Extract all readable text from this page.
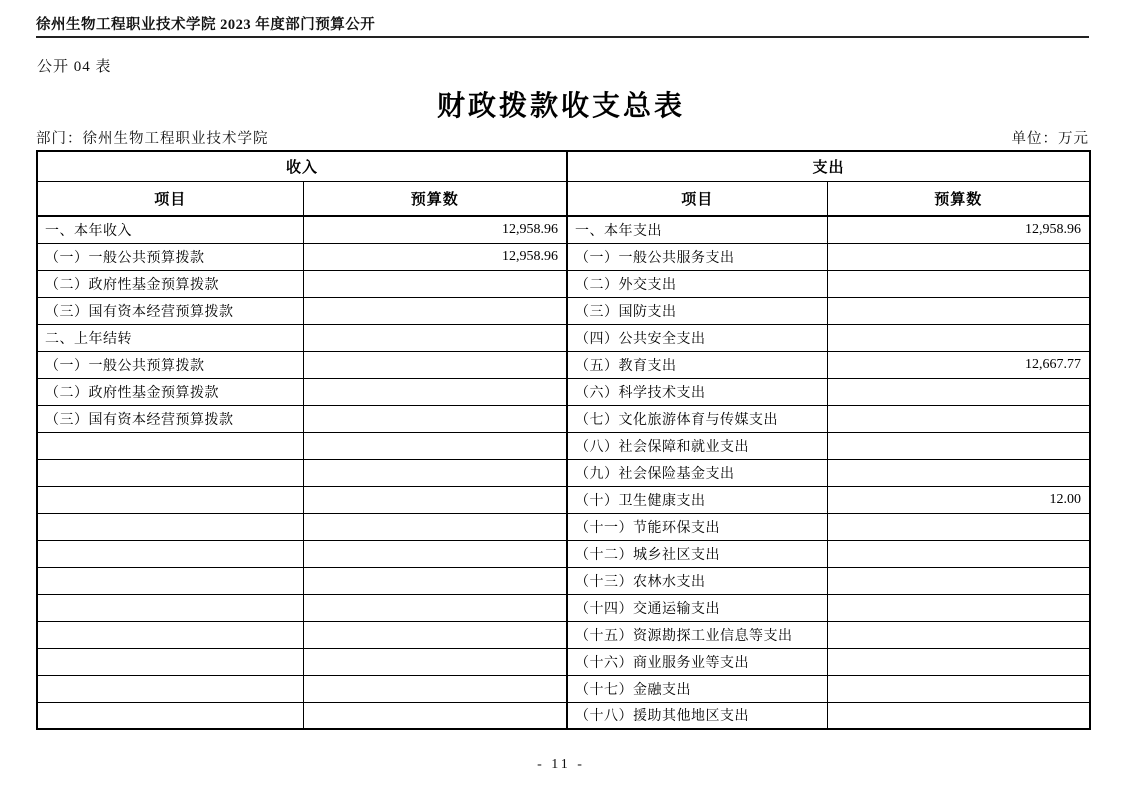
徐州生物工程职业技术学院 2023 年度部门预算公开
公开 04 表
财政拨款收支总表
部门：徐州生物工程职业技术学院	单位：万元
收入		支出	
项目	预算数	项目	预算数
一、本年收入	12,958.96	一、本年支出	12,958.96
（一）一般公共预算拨款	12,958.96	（一）一般公共服务支出	
（二）政府性基金预算拨款		（二）外交支出	
（三）国有资本经营预算拨款		（三）国防支出	
二、上年结转		（四）公共安全支出	
（一）一般公共预算拨款		（五）教育支出	12,667.77
（二）政府性基金预算拨款		（六）科学技术支出	
（三）国有资本经营预算拨款		（七）文化旅游体育与传媒支出	
		（八）社会保障和就业支出	
		（九）社会保险基金支出	
		（十）卫生健康支出	12.00
		（十一）节能环保支出	
		（十二）城乡社区支出	
		（十三）农林水支出	
		（十四）交通运输支出	
		（十五）资源勘探工业信息等支出	
		（十六）商业服务业等支出	
		（十七）金融支出	
		（十八）援助其他地区支出	
- 11 -
